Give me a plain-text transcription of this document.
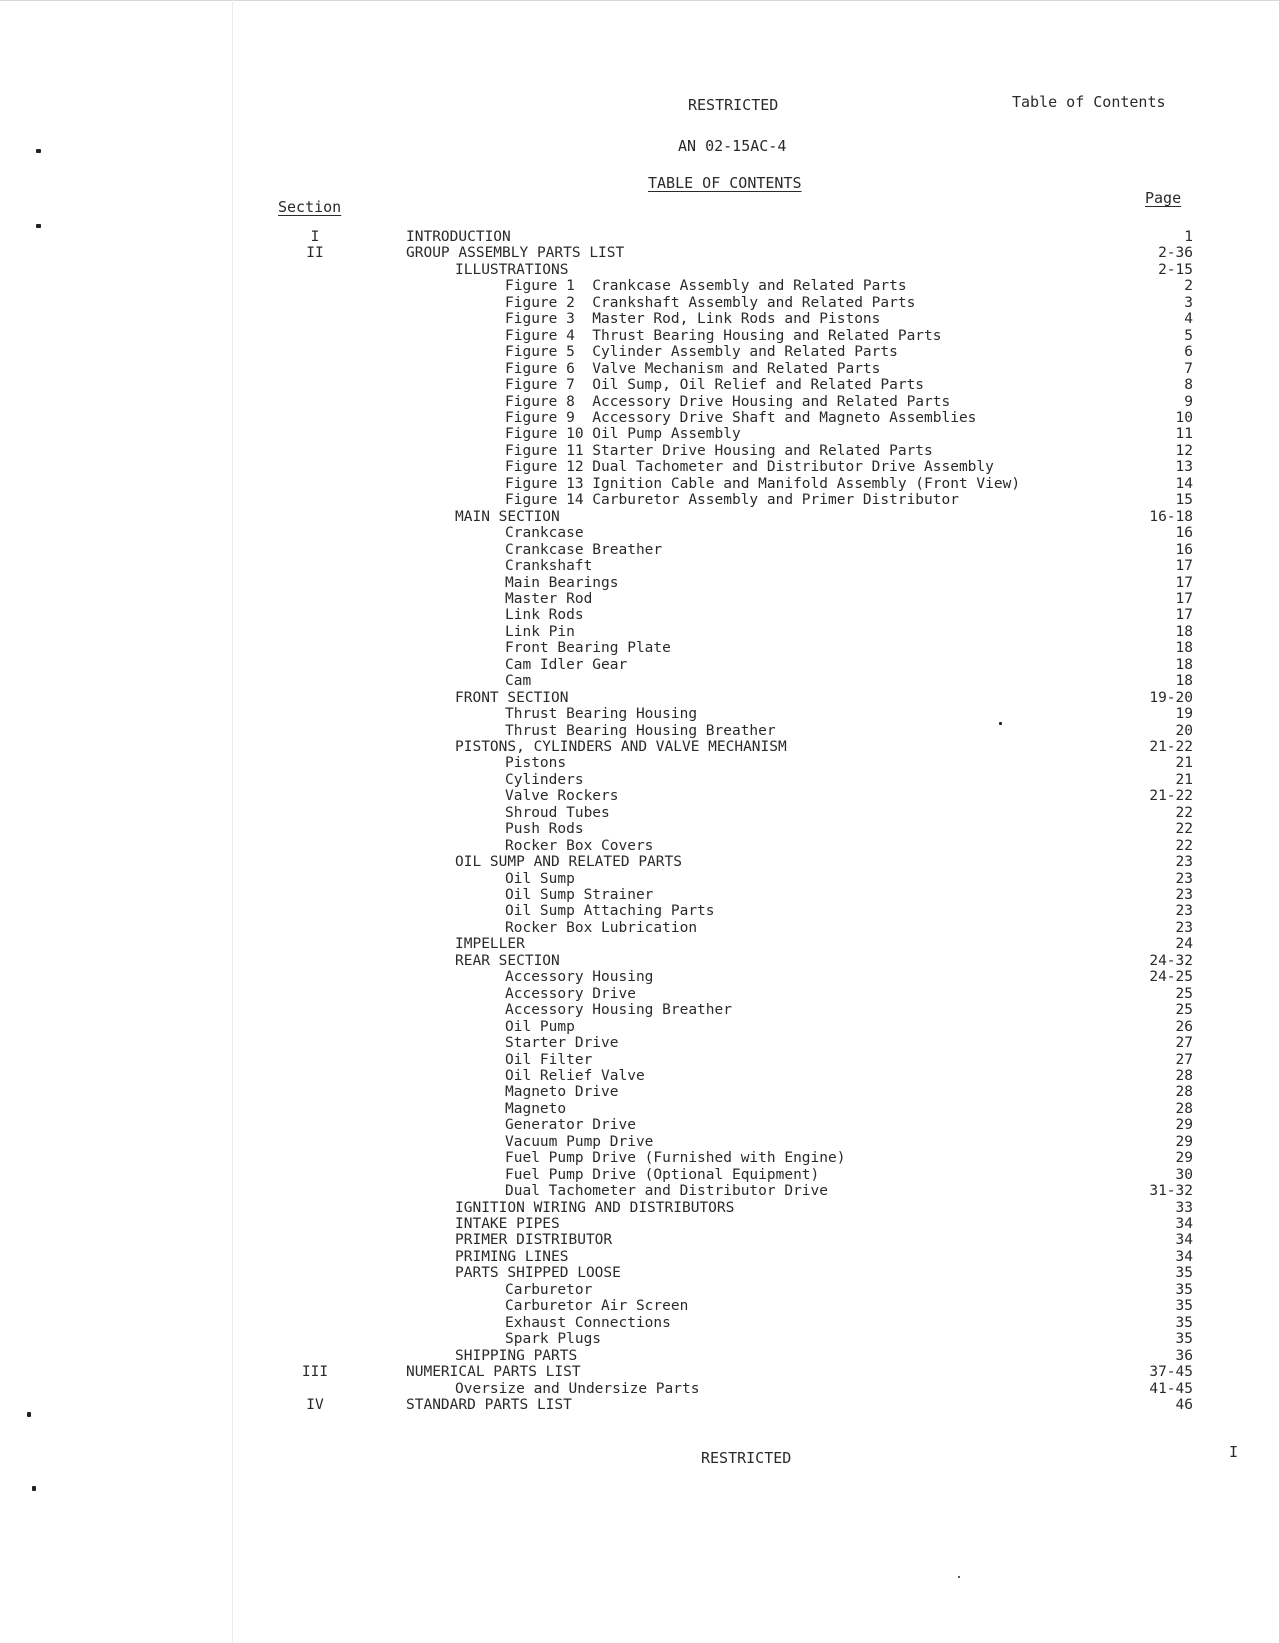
RESTRICTED	Table of Contents
AN 02-15AC-4
TABLE OF CONTENTS
Section	Page
I	INTRODUCTION	1
II	GROUP ASSEMBLY PARTS LIST	2-36
ILLUSTRATIONS	2-15
Figure 1  Crankcase Assembly and Related Parts	2
Figure 2  Crankshaft Assembly and Related Parts	3
Figure 3  Master Rod, Link Rods and Pistons	4
Figure 4  Thrust Bearing Housing and Related Parts	5
Figure 5  Cylinder Assembly and Related Parts	6
Figure 6  Valve Mechanism and Related Parts	7
Figure 7  Oil Sump, Oil Relief and Related Parts	8
Figure 8  Accessory Drive Housing and Related Parts	9
Figure 9  Accessory Drive Shaft and Magneto Assemblies	10
Figure 10 Oil Pump Assembly	11
Figure 11 Starter Drive Housing and Related Parts	12
Figure 12 Dual Tachometer and Distributor Drive Assembly	13
Figure 13 Ignition Cable and Manifold Assembly (Front View)	14
Figure 14 Carburetor Assembly and Primer Distributor	15
MAIN SECTION	16-18
Crankcase	16
Crankcase Breather	16
Crankshaft	17
Main Bearings	17
Master Rod	17
Link Rods	17
Link Pin	18
Front Bearing Plate	18
Cam Idler Gear	18
Cam	18
FRONT SECTION	19-20
Thrust Bearing Housing	19
Thrust Bearing Housing Breather	20
PISTONS, CYLINDERS AND VALVE MECHANISM	21-22
Pistons	21
Cylinders	21
Valve Rockers	21-22
Shroud Tubes	22
Push Rods	22
Rocker Box Covers	22
OIL SUMP AND RELATED PARTS	23
Oil Sump	23
Oil Sump Strainer	23
Oil Sump Attaching Parts	23
Rocker Box Lubrication	23
IMPELLER	24
REAR SECTION	24-32
Accessory Housing	24-25
Accessory Drive	25
Accessory Housing Breather	25
Oil Pump	26
Starter Drive	27
Oil Filter	27
Oil Relief Valve	28
Magneto Drive	28
Magneto	28
Generator Drive	29
Vacuum Pump Drive	29
Fuel Pump Drive (Furnished with Engine)	29
Fuel Pump Drive (Optional Equipment)	30
Dual Tachometer and Distributor Drive	31-32
IGNITION WIRING AND DISTRIBUTORS	33
INTAKE PIPES	34
PRIMER DISTRIBUTOR	34
PRIMING LINES	34
PARTS SHIPPED LOOSE	35
Carburetor	35
Carburetor Air Screen	35
Exhaust Connections	35
Spark Plugs	35
SHIPPING PARTS	36
III	NUMERICAL PARTS LIST	37-45
Oversize and Undersize Parts	41-45
IV	STANDARD PARTS LIST	46
RESTRICTED	I
